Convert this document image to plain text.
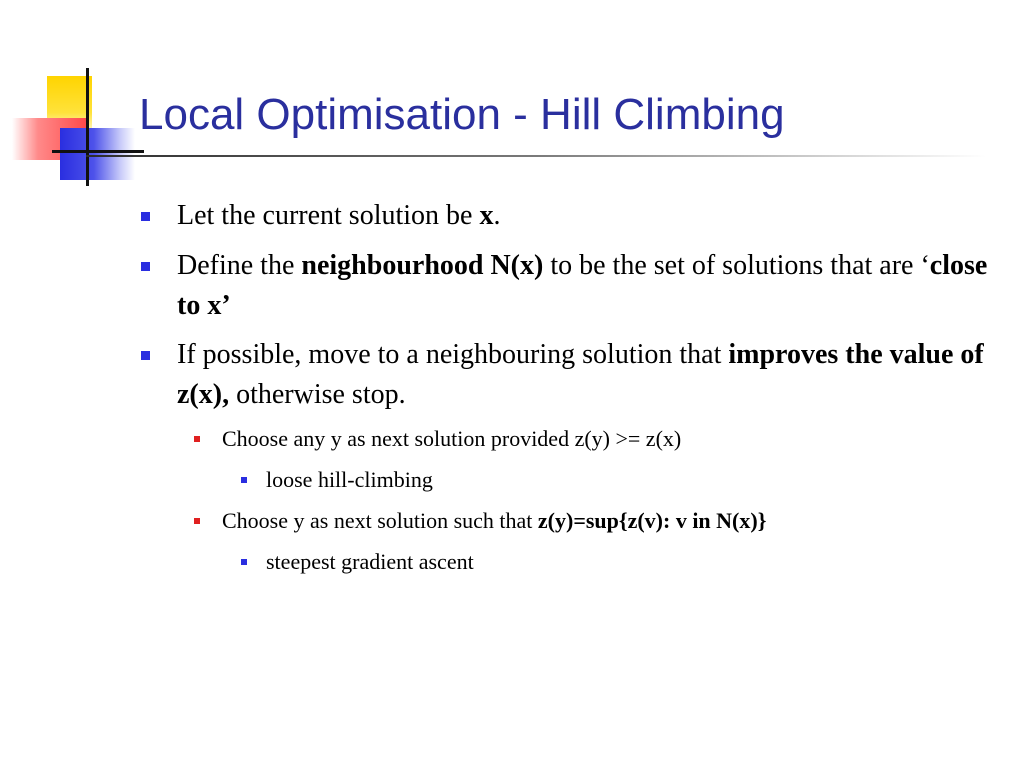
Local Optimisation - Hill Climbing
Let the current solution be x.
Define the neighbourhood N(x) to be the set of solutions that are ‘close to x’
If possible, move to a neighbouring solution that improves the value of z(x), otherwise stop.
Choose any y as next solution provided z(y) >= z(x)
loose hill-climbing
Choose y as next solution such that z(y)=sup{z(v): v in N(x)}
steepest gradient ascent
